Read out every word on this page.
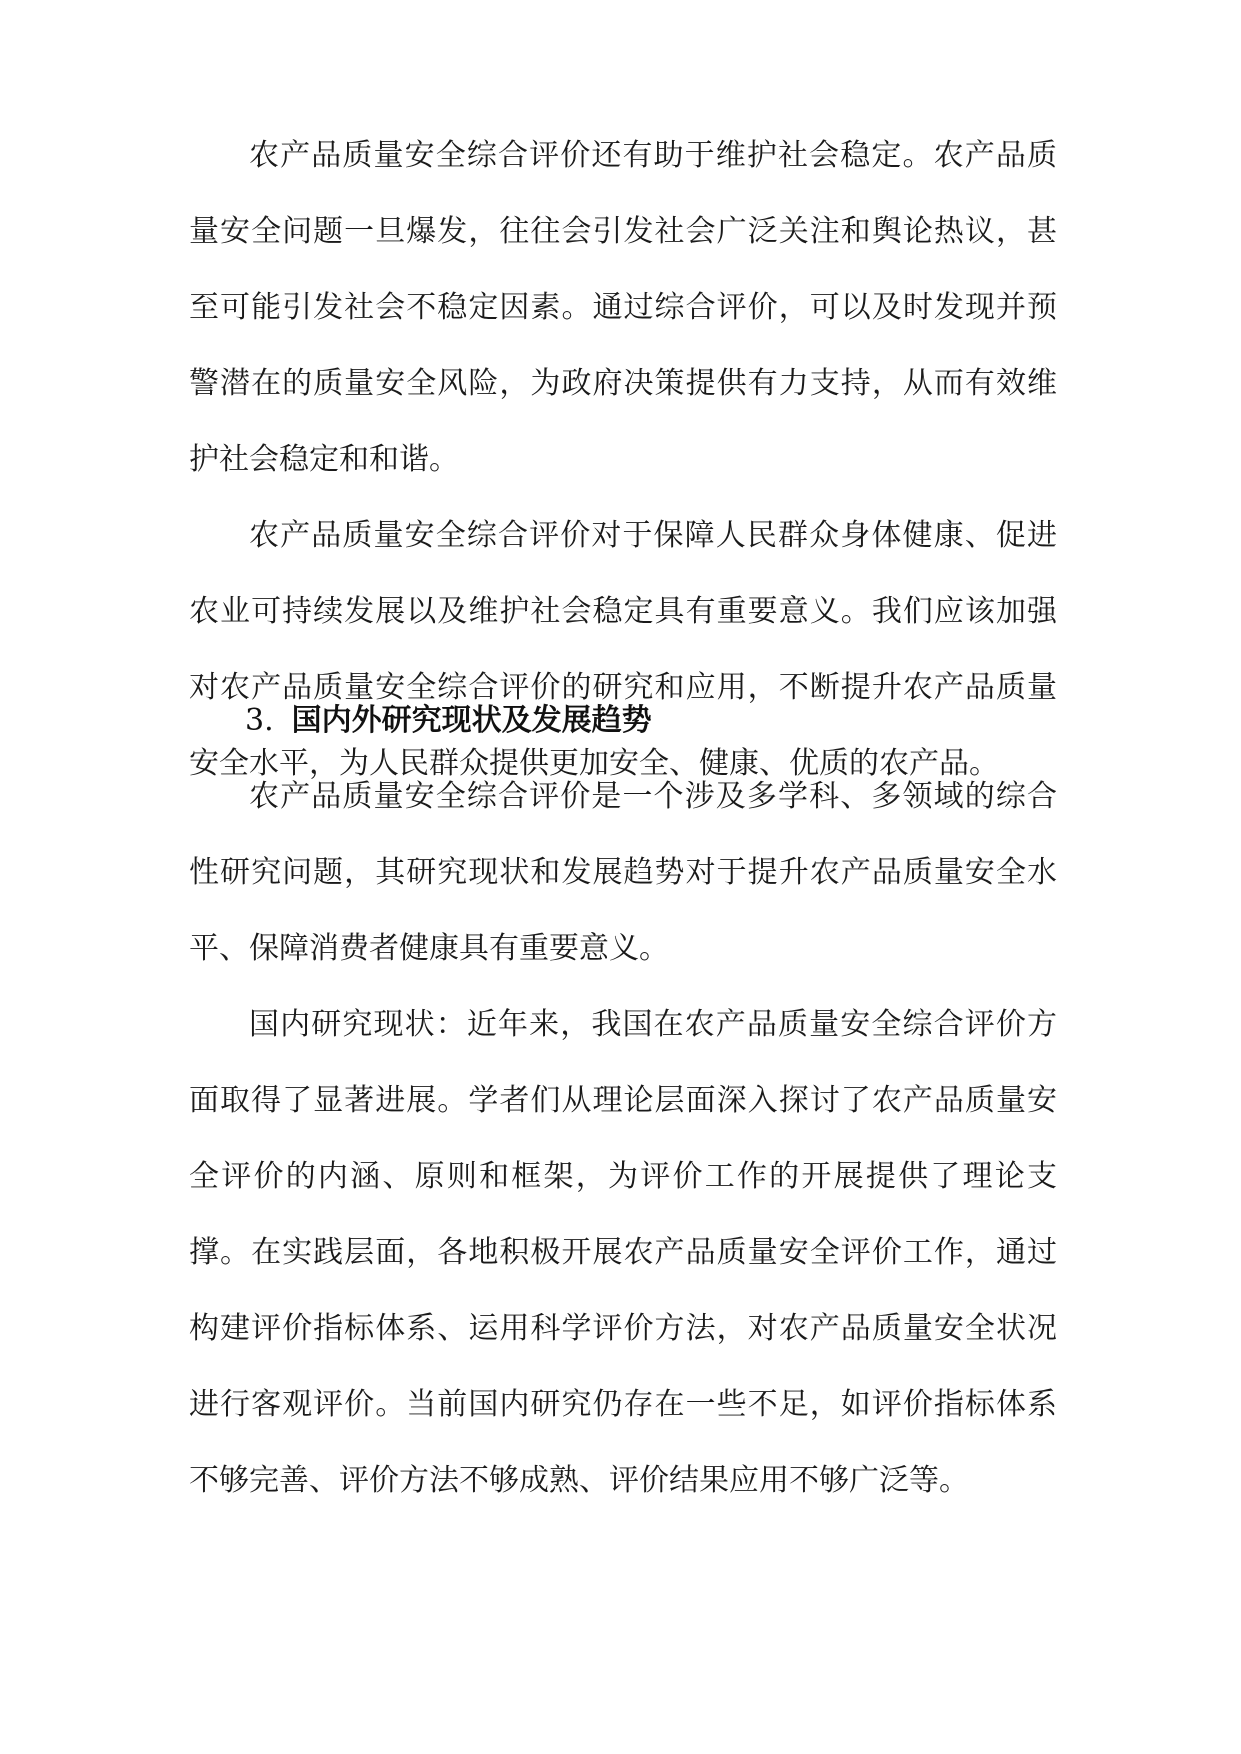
农产品质量安全综合评价还有助于维护社会稳定。农产品质量安全问题一旦爆发，往往会引发社会广泛关注和舆论热议，甚至可能引发社会不稳定因素。通过综合评价，可以及时发现并预警潜在的质量安全风险，为政府决策提供有力支持，从而有效维护社会稳定和和谐。

农产品质量安全综合评价对于保障人民群众身体健康、促进农业可持续发展以及维护社会稳定具有重要意义。我们应该加强对农产品质量安全综合评价的研究和应用，不断提升农产品质量安全水平，为人民群众提供更加安全、健康、优质的农产品。

3. 国内外研究现状及发展趋势

农产品质量安全综合评价是一个涉及多学科、多领域的综合性研究问题，其研究现状和发展趋势对于提升农产品质量安全水平、保障消费者健康具有重要意义。

国内研究现状：近年来，我国在农产品质量安全综合评价方面取得了显著进展。学者们从理论层面深入探讨了农产品质量安全评价的内涵、原则和框架，为评价工作的开展提供了理论支撑。在实践层面，各地积极开展农产品质量安全评价工作，通过构建评价指标体系、运用科学评价方法，对农产品质量安全状况进行客观评价。当前国内研究仍存在一些不足，如评价指标体系不够完善、评价方法不够成熟、评价结果应用不够广泛等。
